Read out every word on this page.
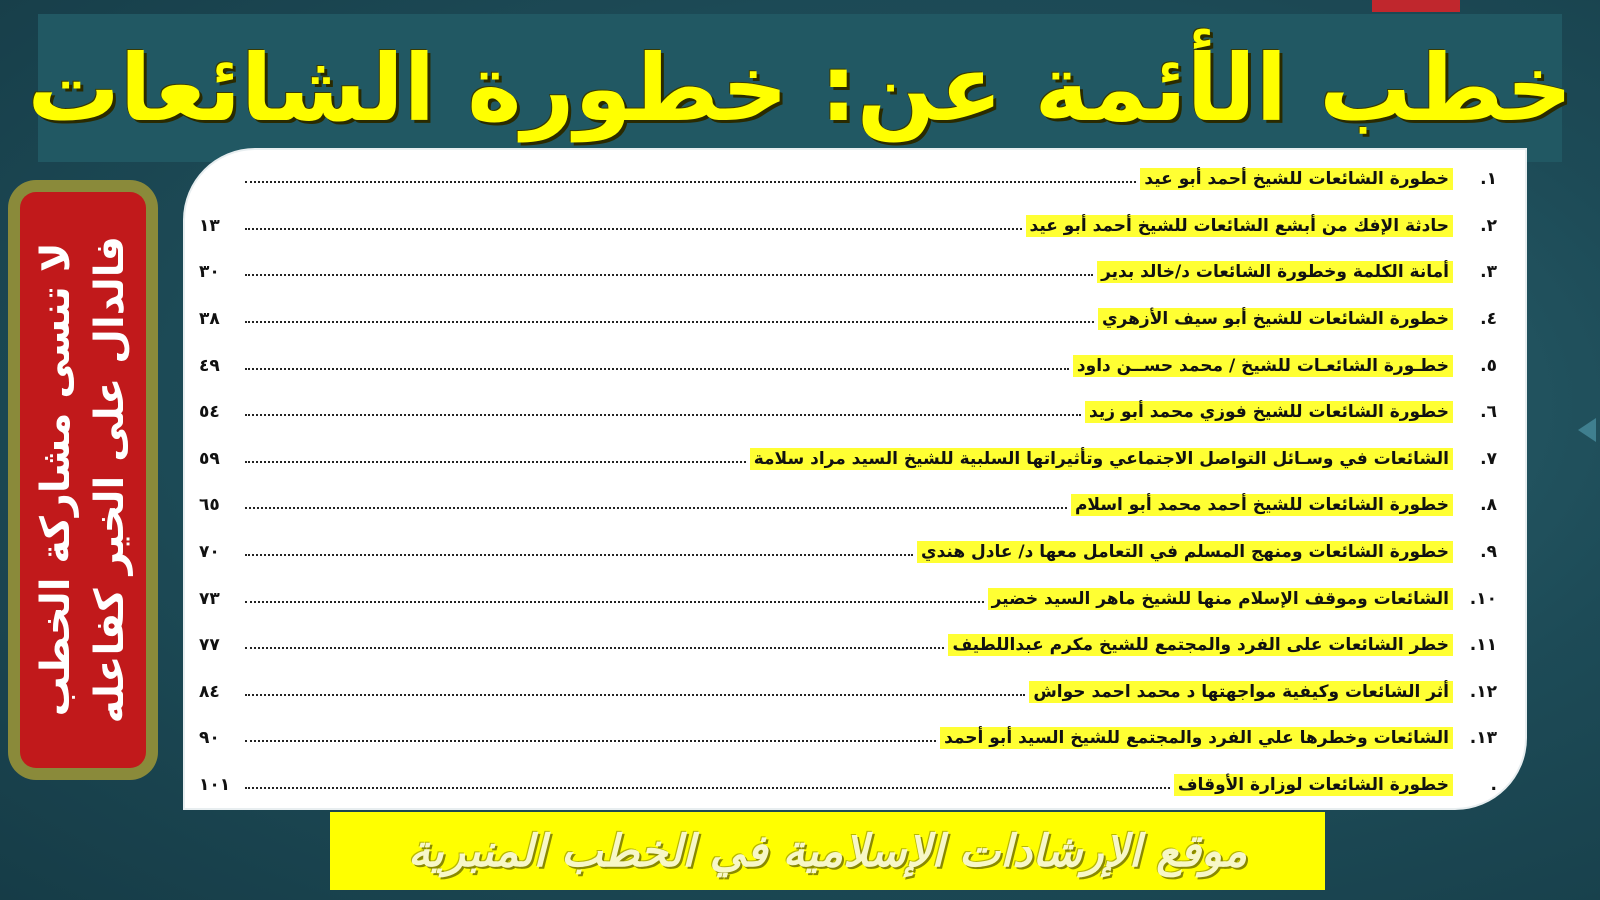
خطب الأئمة عن: خطورة الشائعات
لا تنسى مشاركة الخطب فالدال على الخير كفاعله
١.
خطورة الشائعات للشيخ أحمد أبو عيد
٢.
حادثة الإفك من أبشع الشائعات للشيخ أحمد أبو عيد
١٣
٣.
أمانة الكلمة وخطورة الشائعات د/خالد بدير
٣٠
٤.
خطورة الشائعات للشيخ أبو سيف الأزهري
٣٨
٥.
خطـورة الشائعـات للشيخ / محمد حســن داود
٤٩
٦.
خطورة الشائعات للشيخ فوزي محمد أبو زيد
٥٤
٧.
الشائعات في وسـائل التواصل الاجتماعي وتأثيراتها السلبية للشيخ السيد مراد سلامة
٥٩
٨.
خطورة الشائعات للشيخ أحمد محمد أبو اسلام
٦٥
٩.
خطورة الشائعات ومنهج المسلم في التعامل معها د/ عادل هندي
٧٠
١٠.
الشائعات وموقف الإسلام منها للشيخ ماهر السيد خضير
٧٣
١١.
خطر الشائعات على الفرد والمجتمع للشيخ مكرم عبداللطيف
٧٧
١٢.
أثر الشائعات وكيفية مواجهتها د محمد احمد حواش
٨٤
١٣.
الشائعات وخطرها علي الفرد والمجتمع للشيخ السيد أبو أحمد
٩٠
.
خطورة الشائعات لوزارة الأوقاف
١٠١
موقع الإرشادات الإسلامية في الخطب المنبرية
